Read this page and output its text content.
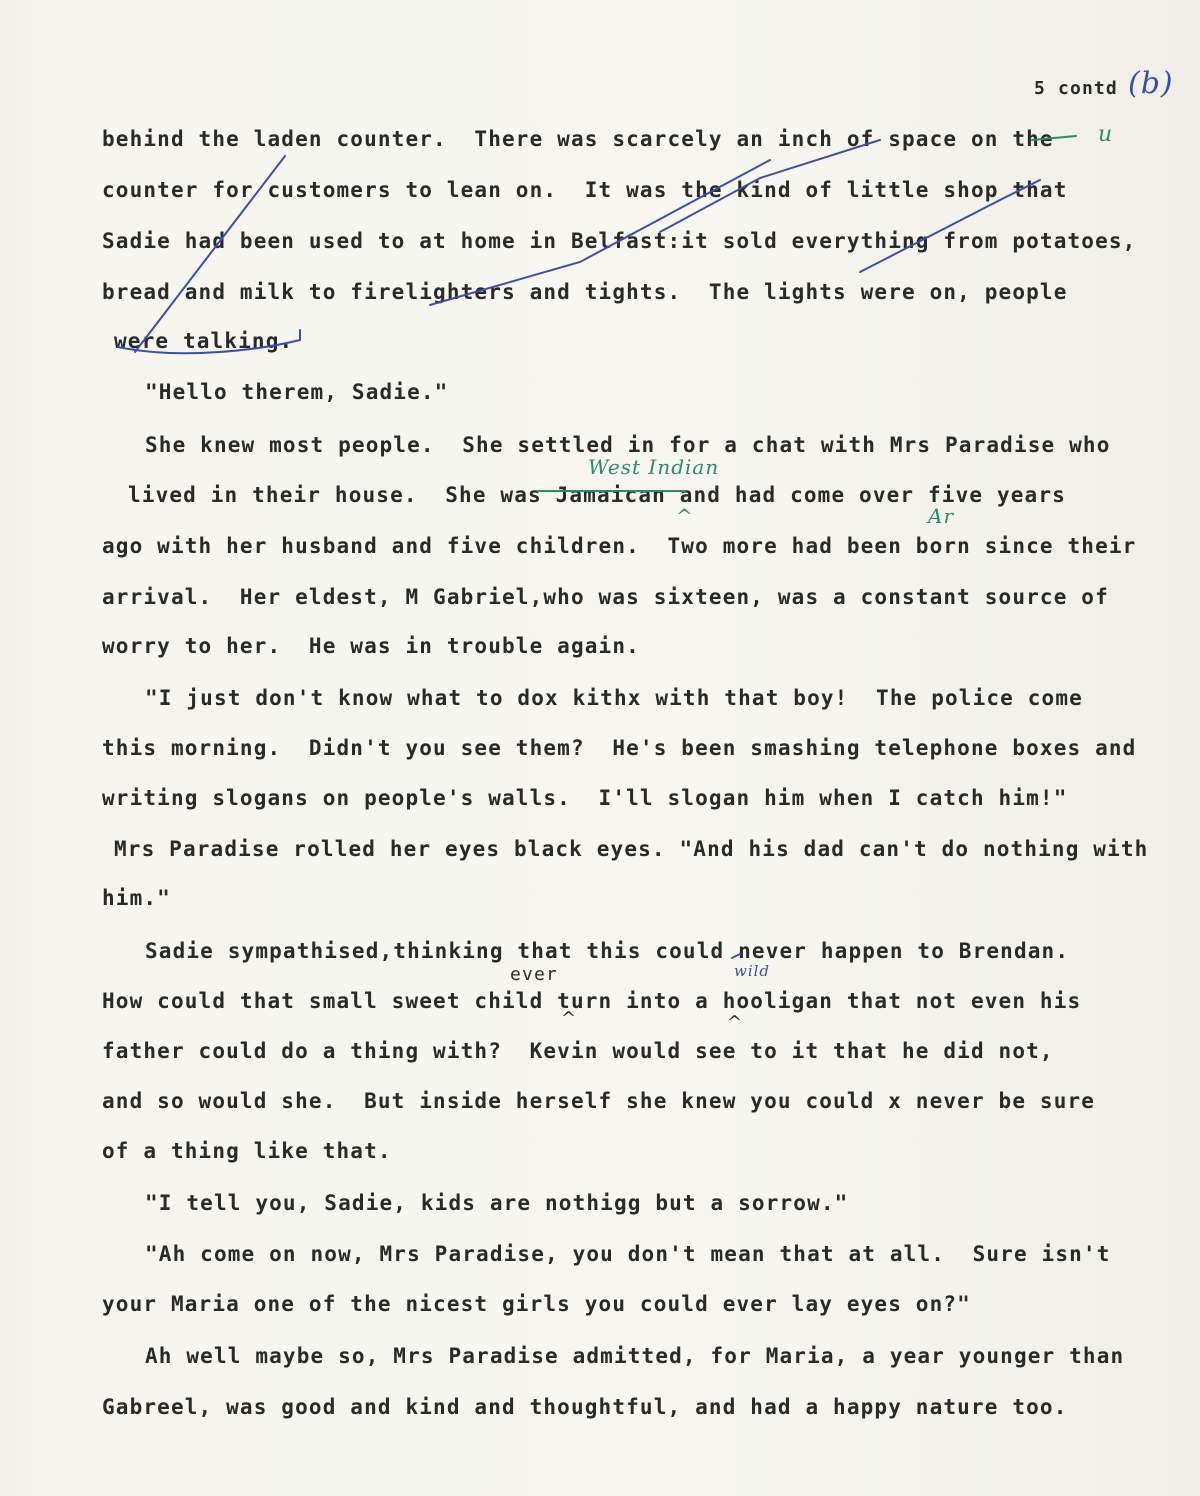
5 contd (b)
behind the laden counter.  There was scarcely an inch of space on the
counter for customers to lean on.  It was the kind of little shop that
Sadie had been used to at home in Belfast:it sold everything from potatoes,
bread and milk to firelighters and tights.  The lights were on, people
were talking.
"Hello therem, Sadie."
She knew most people.  She settled in for a chat with Mrs Paradise who
lived in their house.  She was Jamaican and had come over five years
ago with her husband and five children.  Two more had been born since their
arrival.  Her eldest, M Gabriel,who was sixteen, was a constant source of
worry to her.  He was in trouble again.
"I just don't know what to dox kithx with that boy!  The police come
this morning.  Didn't you see them?  He's been smashing telephone boxes and
writing slogans on people's walls.  I'll slogan him when I catch him!"
Mrs Paradise rolled her eyes black eyes. "And his dad can't do nothing with
him."
Sadie sympathised,thinking that this could never happen to Brendan.
How could that small sweet child turn into a hooligan that not even his
father could do a thing with?  Kevin would see to it that he did not,
and so would she.  But inside herself she knew you could x never be sure
of a thing like that.
"I tell you, Sadie, kids are nothigg but a sorrow."
"Ah come on now, Mrs Paradise, you don't mean that at all.  Sure isn't
your Maria one of the nicest girls you could ever lay eyes on?"
Ah well maybe so, Mrs Paradise admitted, for Maria, a year younger than
Gabreel, was good and kind and thoughtful, and had a happy nature too.
u
West Indian
^	Ar
ever	wild
^	^
